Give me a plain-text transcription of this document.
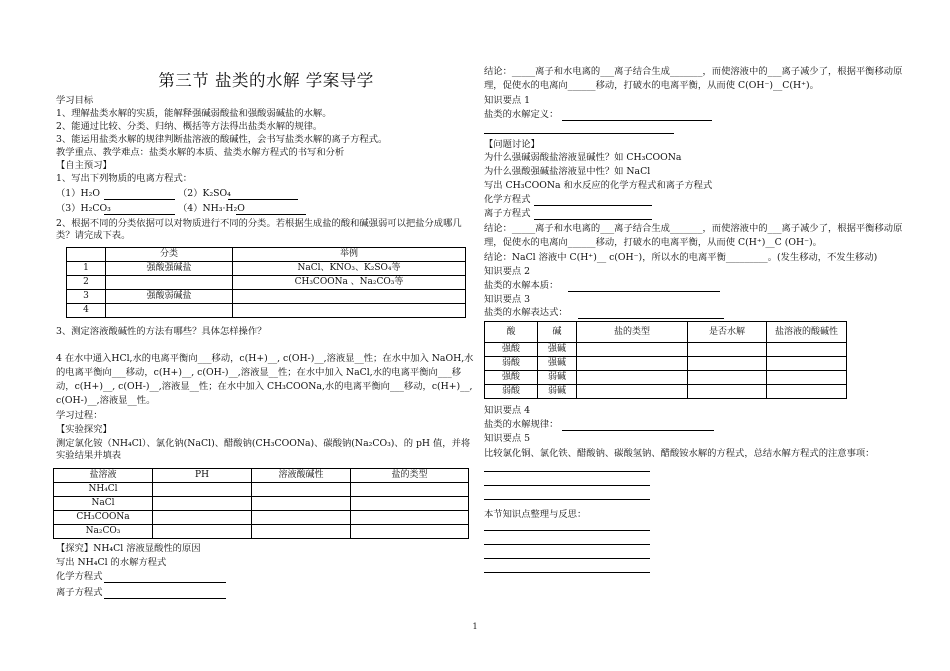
第三节 盐类的水解 学案导学
学习目标
1、理解盐类水解的实质，能解释强碱弱酸盐和强酸弱碱盐的水解。
2、能通过比较、分类、归纳、概括等方法得出盐类水解的规律。
3、能运用盐类水解的规律判断盐溶液的酸碱性，会书写盐类水解的离子方程式。
教学重点、教学难点：盐类水解的本质、盐类水解方程式的书写和分析
【自主预习】
1、写出下列物质的电离方程式：
（1）H₂O	（2）K₂SO₄
（3）H₂CO₃	（4）NH₃·H₂O
2、根据不同的分类依据可以对物质进行不同的分类。若根据生成盐的酸和碱强弱可以把盐分成哪几类？请完成下表。
	分类	举例
1	强酸强碱盐	NaCl、KNO₃、K₂SO₄等
2		CH₃COONa 、Na₂CO₃等
3	强酸弱碱盐	
4		
3、测定溶液酸碱性的方法有哪些？具体怎样操作？
4 在水中通入HCl,水的电离平衡向___移动，c(H+)__, c(OH-)__,溶液显__性；在水中加入 NaOH,水的电离平衡向___移动，c(H+)__, c(OH-)__,溶液显__性；在水中加入 NaCl,水的电离平衡向___移动，c(H+)__, c(OH-)__,溶液显__性；在水中加入 CH₃COONa,水的电离平衡向___移动，c(H+)__, c(OH-)__,溶液显__性。
学习过程：
【实验探究】
测定氯化铵（NH₄Cl）、氯化钠(NaCl)、醋酸钠(CH₃COONa)、碳酸钠(Na₂CO₃)、的 pH 值，并将实验结果并填表
盐溶液	PH	溶液酸碱性	盐的类型
NH₄Cl			
NaCl			
CH₃COONa			
Na₂CO₃			
【探究】NH₄Cl 溶液显酸性的原因
写出 NH₄Cl 的水解方程式
化学方程式
离子方程式
结论：_____离子和水电离的___离子结合生成_______，而使溶液中的___离子减少了，根据平衡移动原理，促使水的电离向______移动，打破水的电离平衡，从而使 C(OH⁻)__C(H⁺)。
知识要点 1
盐类的水解定义：
【问题讨论】
为什么强碱弱酸盐溶液显碱性？如 CH₃COONa
为什么强酸强碱盐溶液显中性？如 NaCl
写出 CH₃COONa 和水反应的化学方程式和离子方程式
化学方程式
离子方程式
结论：_____离子和水电离的___离子结合生成_______，而使溶液中的___离子减少了，根据平衡移动原理，促使水的电离向______移动，打破水的电离平衡，从而使 C(H⁺)__C (OH⁻)。
结论：NaCl 溶液中 C(H⁺)__ c(OH⁻)，所以水的电离平衡_________。(发生移动，不发生移动)
知识要点 2
盐类的水解本质：
知识要点 3
盐类的水解表达式：
酸	碱	盐的类型	是否水解	盐溶液的酸碱性
强酸	强碱			
弱酸	强碱			
强酸	弱碱			
弱酸	弱碱			
知识要点 4
盐类的水解规律：
知识要点 5
比较氯化铜、氯化铁、醋酸钠、碳酸氢钠、醋酸铵水解的方程式，总结水解方程式的注意事项：
本节知识点整理与反思：
1
